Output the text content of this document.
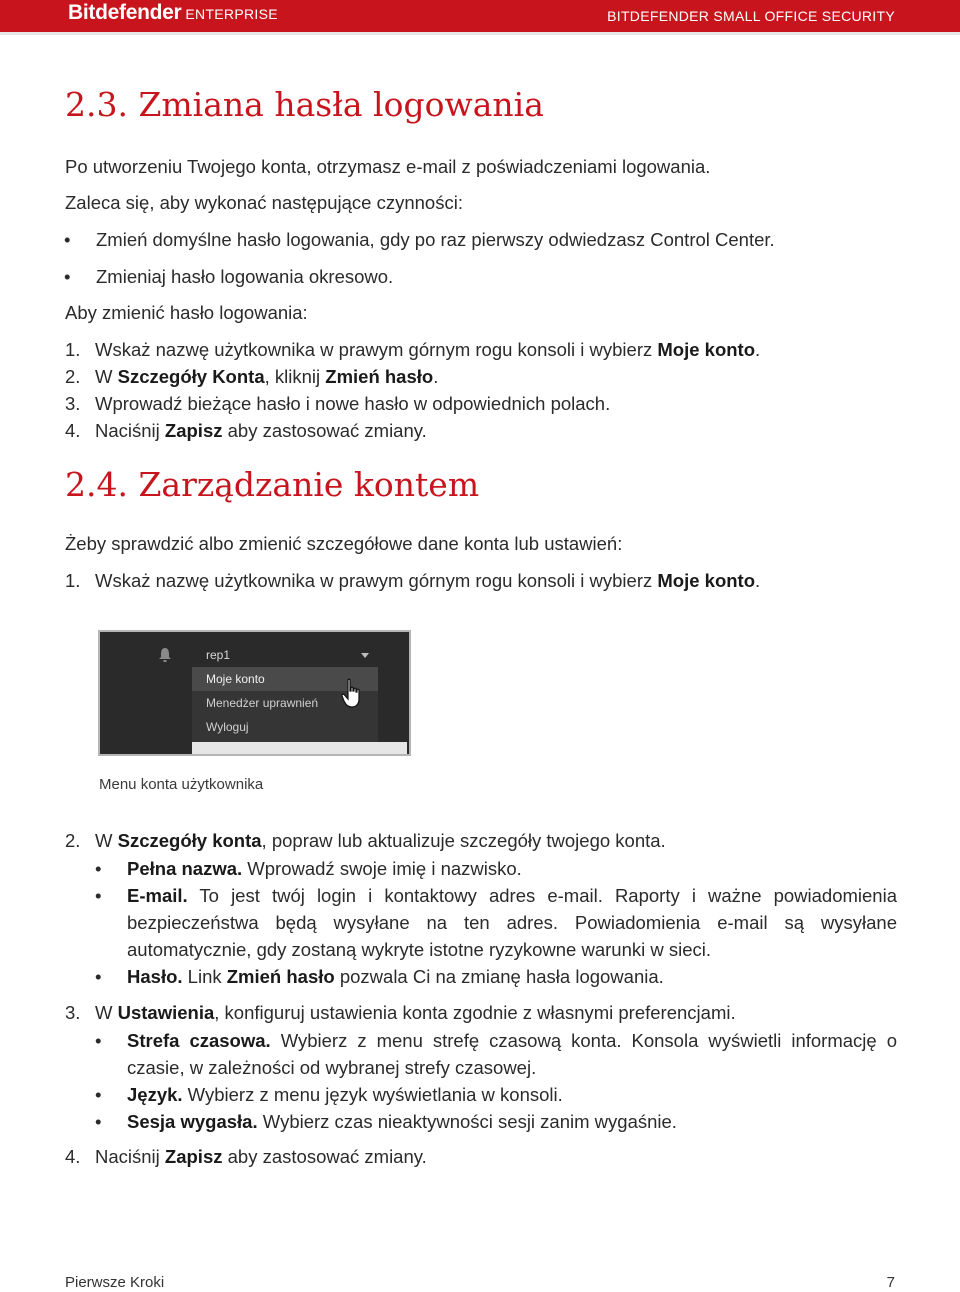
Bitdefender ENTERPRISE	BITDEFENDER SMALL OFFICE SECURITY
2.3. Zmiana hasła logowania

Po utworzeniu Twojego konta, otrzymasz e-mail z poświadczeniami logowania.

Zaleca się, aby wykonać następujące czynności:

• Zmień domyślne hasło logowania, gdy po raz pierwszy odwiedzasz Control Center.
• Zmieniaj hasło logowania okresowo.

Aby zmienić hasło logowania:

1. Wskaż nazwę użytkownika w prawym górnym rogu konsoli i wybierz Moje konto.
2. W Szczegóły Konta, kliknij Zmień hasło.
3. Wprowadź bieżące hasło i nowe hasło w odpowiednich polach.
4. Naciśnij Zapisz aby zastosować zmiany.
2.4. Zarządzanie kontem

Żeby sprawdzić albo zmienić szczegółowe dane konta lub ustawień:

1. Wskaż nazwę użytkownika w prawym górnym rogu konsoli i wybierz Moje konto.
2. W Szczegóły konta, popraw lub aktualizuje szczegóły twojego konta.
• Pełna nazwa. Wprowadź swoje imię i nazwisko.
• E-mail. To jest twój login i kontaktowy adres e-mail. Raporty i ważne powiadomienia bezpieczeństwa będą wysyłane na ten adres. Powiadomienia e-mail są wysyłane automatycznie, gdy zostaną wykryte istotne ryzykowne warunki w sieci.
• Hasło. Link Zmień hasło pozwala Ci na zmianę hasła logowania.
3. W Ustawienia, konfiguruj ustawienia konta zgodnie z własnymi preferencjami.
• Strefa czasowa. Wybierz z menu strefę czasową konta. Konsola wyświetli informację o czasie, w zależności od wybranej strefy czasowej.
• Język. Wybierz z menu język wyświetlania w konsoli.
• Sesja wygasła. Wybierz czas nieaktywności sesji zanim wygaśnie.
4. Naciśnij Zapisz aby zastosować zmiany.
rep1
Moje konto
Menedżer uprawnień
Wyloguj
Menu konta użytkownika
Pierwsze Kroki	7
